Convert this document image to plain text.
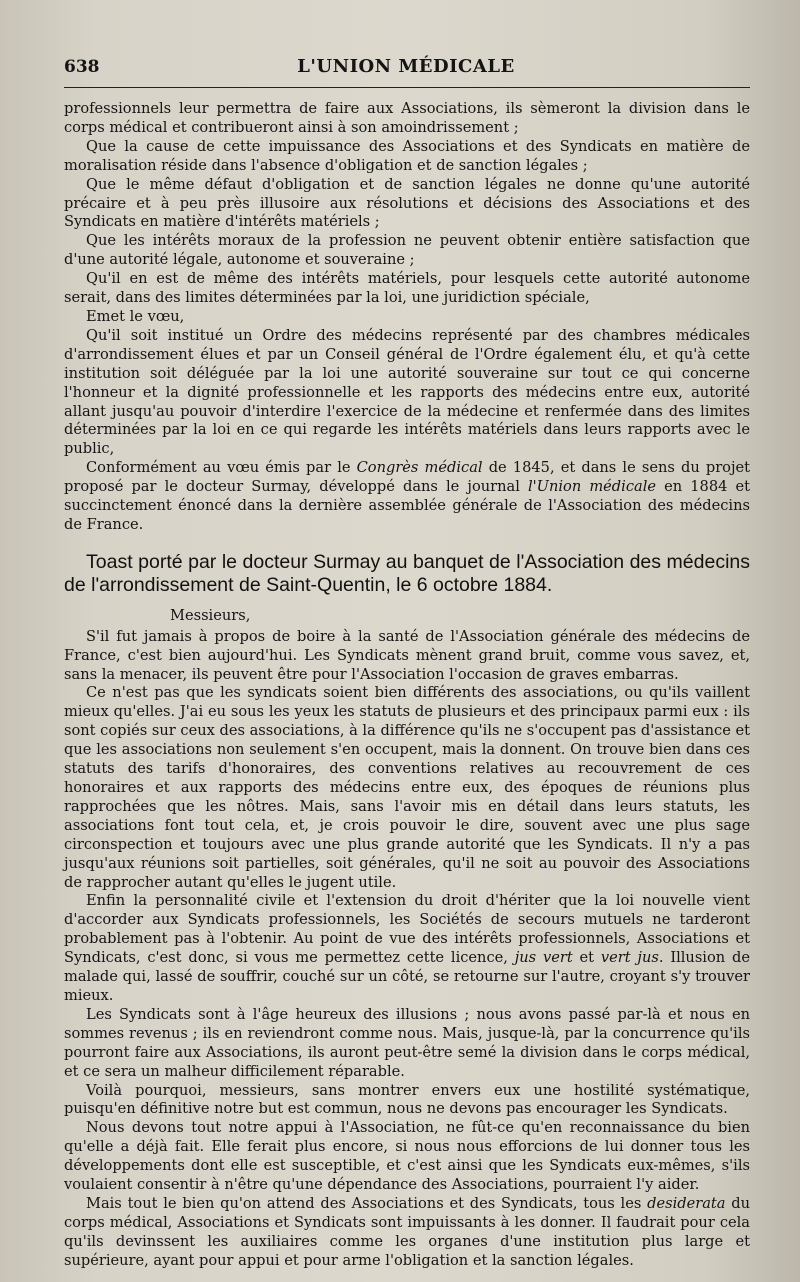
638	L'UNION MÉDICALE

professionnels leur permettra de faire aux Associations, ils sèmeront la division dans le corps médical et contribueront ainsi à son amoindrissement ;

Que la cause de cette impuissance des Associations et des Syndicats en matière de moralisation réside dans l'absence d'obligation et de sanction légales ;

Que le même défaut d'obligation et de sanction légales ne donne qu'une autorité précaire et à peu près illusoire aux résolutions et décisions des Associations et des Syndicats en matière d'intérêts matériels ;

Que les intérêts moraux de la profession ne peuvent obtenir entière satisfaction que d'une autorité légale, autonome et souveraine ;

Qu'il en est de même des intérêts matériels, pour lesquels cette autorité autonome serait, dans des limites déterminées par la loi, une juridiction spéciale,

Emet le vœu,

Qu'il soit institué un Ordre des médecins représenté par des chambres médicales d'arrondissement élues et par un Conseil général de l'Ordre également élu, et qu'à cette institution soit déléguée par la loi une autorité souveraine sur tout ce qui concerne l'honneur et la dignité professionnelle et les rapports des médecins entre eux, autorité allant jusqu'au pouvoir d'interdire l'exercice de la médecine et renfermée dans des limites déterminées par la loi en ce qui regarde les intérêts matériels dans leurs rapports avec le public,

Conformément au vœu émis par le Congrès médical de 1845, et dans le sens du projet proposé par le docteur Surmay, développé dans le journal l'Union médicale en 1884 et succinctement énoncé dans la dernière assemblée générale de l'Association des médecins de France.

Toast porté par le docteur Surmay au banquet de l'Association des médecins de l'arrondissement de Saint-Quentin, le 6 octobre 1884.

Messieurs,

S'il fut jamais à propos de boire à la santé de l'Association générale des médecins de France, c'est bien aujourd'hui. Les Syndicats mènent grand bruit, comme vous savez, et, sans la menacer, ils peuvent être pour l'Association l'occasion de graves embarras.

Ce n'est pas que les syndicats soient bien différents des associations, ou qu'ils vaillent mieux qu'elles. J'ai eu sous les yeux les statuts de plusieurs et des principaux parmi eux : ils sont copiés sur ceux des associations, à la différence qu'ils ne s'occupent pas d'assistance et que les associations non seulement s'en occupent, mais la donnent. On trouve bien dans ces statuts des tarifs d'honoraires, des conventions relatives au recouvrement de ces honoraires et aux rapports des médecins entre eux, des époques de réunions plus rapprochées que les nôtres. Mais, sans l'avoir mis en détail dans leurs statuts, les associations font tout cela, et, je crois pouvoir le dire, souvent avec une plus sage circonspection et toujours avec une plus grande autorité que les Syndicats. Il n'y a pas jusqu'aux réunions soit partielles, soit générales, qu'il ne soit au pouvoir des Associations de rapprocher autant qu'elles le jugent utile.

Enfin la personnalité civile et l'extension du droit d'hériter que la loi nouvelle vient d'accorder aux Syndicats professionnels, les Sociétés de secours mutuels ne tarderont probablement pas à l'obtenir. Au point de vue des intérêts professionnels, Associations et Syndicats, c'est donc, si vous me permettez cette licence, jus vert et vert jus. Illusion de malade qui, lassé de souffrir, couché sur un côté, se retourne sur l'autre, croyant s'y trouver mieux.

Les Syndicats sont à l'âge heureux des illusions ; nous avons passé par-là et nous en sommes revenus ; ils en reviendront comme nous. Mais, jusque-là, par la concurrence qu'ils pourront faire aux Associations, ils auront peut-être semé la division dans le corps médical, et ce sera un malheur difficilement réparable.

Voilà pourquoi, messieurs, sans montrer envers eux une hostilité systématique, puisqu'en définitive notre but est commun, nous ne devons pas encourager les Syndicats.

Nous devons tout notre appui à l'Association, ne fût-ce qu'en reconnaissance du bien qu'elle a déjà fait. Elle ferait plus encore, si nous nous efforcions de lui donner tous les développements dont elle est susceptible, et c'est ainsi que les Syndicats eux-mêmes, s'ils voulaient consentir à n'être qu'une dépendance des Associations, pourraient l'y aider.

Mais tout le bien qu'on attend des Associations et des Syndicats, tous les desiderata du corps médical, Associations et Syndicats sont impuissants à les donner. Il faudrait pour cela qu'ils devinssent les auxiliaires comme les organes d'une institution plus large et supérieure, ayant pour appui et pour arme l'obligation et la sanction légales.
